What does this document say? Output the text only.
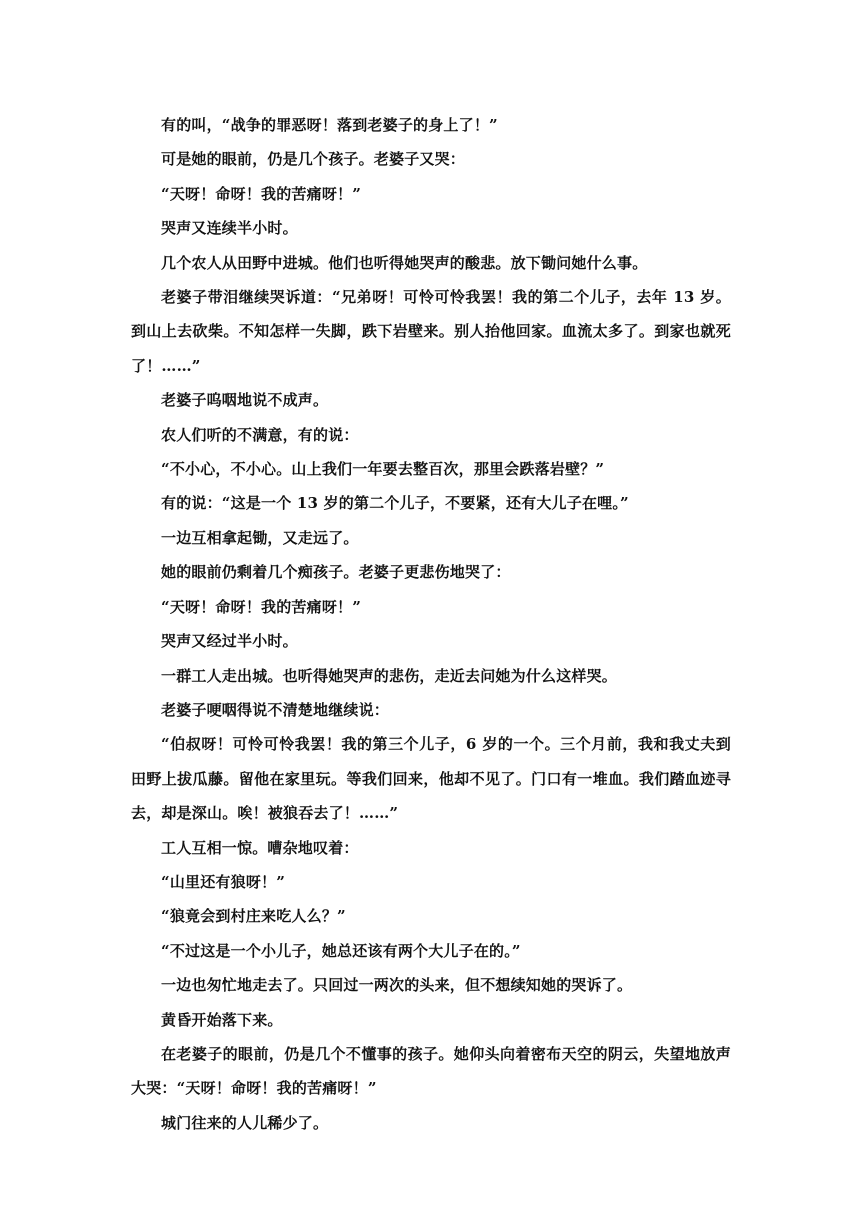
有的叫，“战争的罪恶呀！落到老婆子的身上了！”

可是她的眼前，仍是几个孩子。老婆子又哭：

“天呀！命呀！我的苦痛呀！”

哭声又连续半小时。

几个农人从田野中进城。他们也听得她哭声的酸悲。放下锄问她什么事。

老婆子带泪继续哭诉道：“兄弟呀！可怜可怜我罢！我的第二个儿子，去年 13 岁。到山上去砍柴。不知怎样一失脚，跌下岩壁来。别人抬他回家。血流太多了。到家也就死了！……”

老婆子呜咽地说不成声。

农人们听的不满意，有的说：

“不小心，不小心。山上我们一年要去整百次，那里会跌落岩壁？”

有的说：“这是一个 13 岁的第二个儿子，不要紧，还有大儿子在哩。”

一边互相拿起锄，又走远了。

她的眼前仍剩着几个痴孩子。老婆子更悲伤地哭了：

“天呀！命呀！我的苦痛呀！”

哭声又经过半小时。

一群工人走出城。也听得她哭声的悲伤，走近去问她为什么这样哭。

老婆子哽咽得说不清楚地继续说：

“伯叔呀！可怜可怜我罢！我的第三个儿子，6 岁的一个。三个月前，我和我丈夫到田野上拔瓜藤。留他在家里玩。等我们回来，他却不见了。门口有一堆血。我们踏血迹寻去，却是深山。唉！被狼吞去了！……”

工人互相一惊。嘈杂地叹着：

“山里还有狼呀！”

“狼竟会到村庄来吃人么？”

“不过这是一个小儿子，她总还该有两个大儿子在的。”

一边也匆忙地走去了。只回过一两次的头来，但不想续知她的哭诉了。

黄昏开始落下来。

在老婆子的眼前，仍是几个不懂事的孩子。她仰头向着密布天空的阴云，失望地放声大哭：“天呀！命呀！我的苦痛呀！”

城门往来的人儿稀少了。
